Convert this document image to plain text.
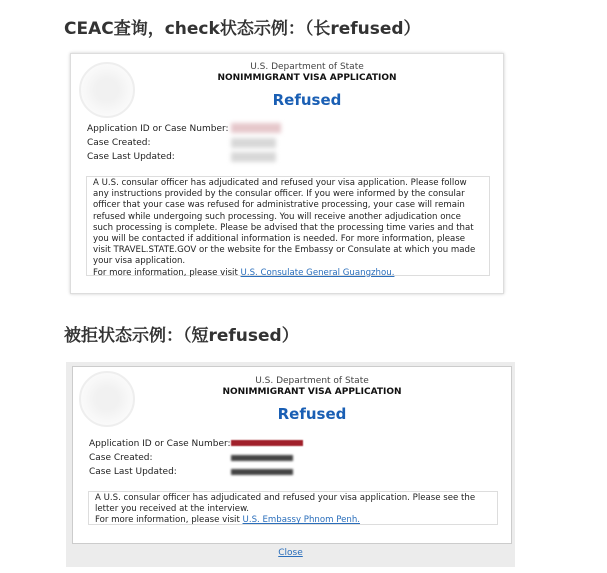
CEAC查询，check状态示例：（长refused）
U.S. Department of State
NONIMMIGRANT VISA APPLICATION
Refused
Application ID or Case Number:
Case Created:
Case Last Updated:
A U.S. consular officer has adjudicated and refused your visa application. Please follow any instructions provided by the consular officer. If you were informed by the consular officer that your case was refused for administrative processing, your case will remain refused while undergoing such processing. You will receive another adjudication once such processing is complete. Please be advised that the processing time varies and that you will be contacted if additional information is needed. For more information, please visit TRAVEL.STATE.GOV or the website for the Embassy or Consulate at which you made your visa application.
For more information, please visit U.S. Consulate General Guangzhou.
被拒状态示例：（短refused）
U.S. Department of State
NONIMMIGRANT VISA APPLICATION
Refused
Application ID or Case Number:
Case Created:
Case Last Updated:
A U.S. consular officer has adjudicated and refused your visa application. Please see the letter you received at the interview.
For more information, please visit U.S. Embassy Phnom Penh.
Close
